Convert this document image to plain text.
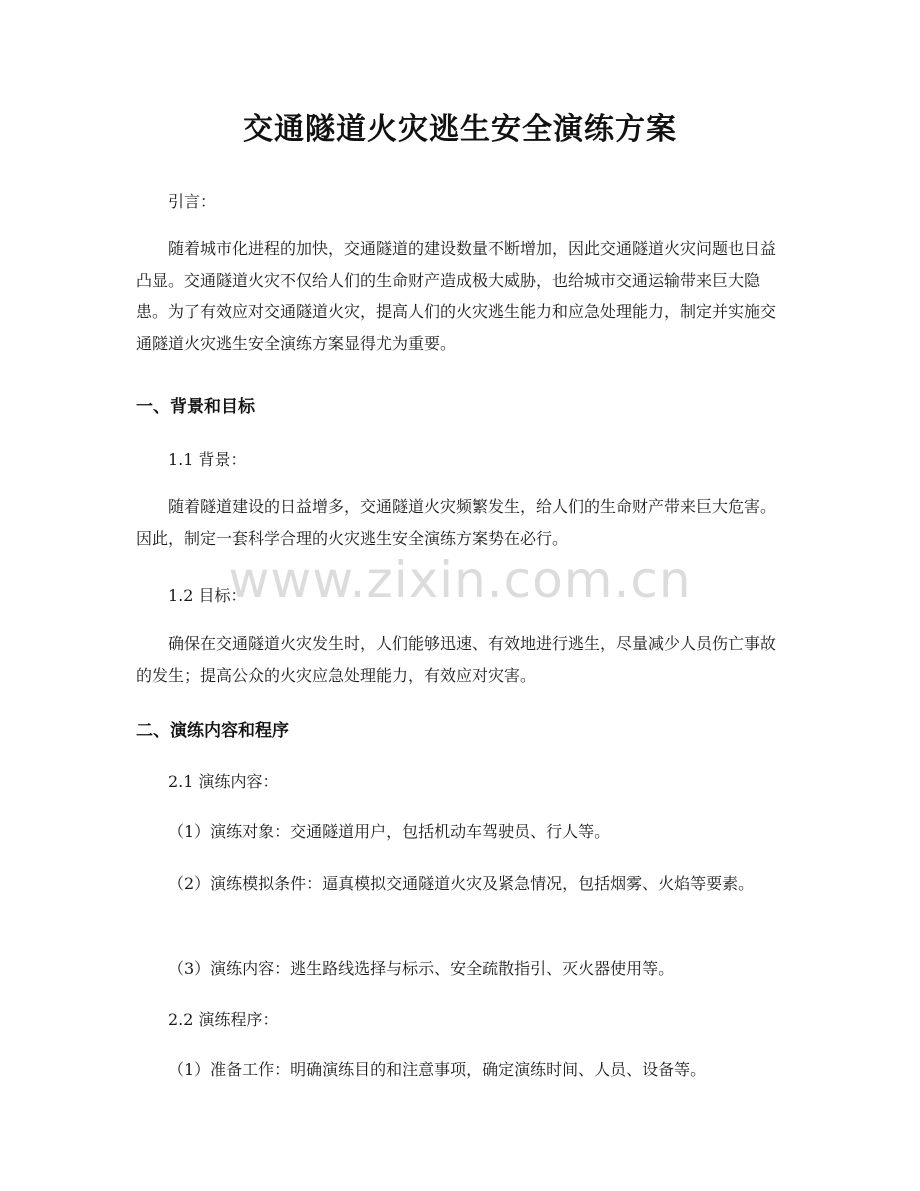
交通隧道火灾逃生安全演练方案

引言：

随着城市化进程的加快，交通隧道的建设数量不断增加，因此交通隧道火灾问题也日益凸显。交通隧道火灾不仅给人们的生命财产造成极大威胁，也给城市交通运输带来巨大隐患。为了有效应对交通隧道火灾，提高人们的火灾逃生能力和应急处理能力，制定并实施交通隧道火灾逃生安全演练方案显得尤为重要。

一、背景和目标

1.1 背景：

随着隧道建设的日益增多，交通隧道火灾频繁发生，给人们的生命财产带来巨大危害。因此，制定一套科学合理的火灾逃生安全演练方案势在必行。

1.2 目标：

确保在交通隧道火灾发生时，人们能够迅速、有效地进行逃生，尽量减少人员伤亡事故的发生；提高公众的火灾应急处理能力，有效应对灾害。

二、演练内容和程序

2.1 演练内容：

（1）演练对象：交通隧道用户，包括机动车驾驶员、行人等。

（2）演练模拟条件：逼真模拟交通隧道火灾及紧急情况，包括烟雾、火焰等要素。

（3）演练内容：逃生路线选择与标示、安全疏散指引、灭火器使用等。

2.2 演练程序：

（1）准备工作：明确演练目的和注意事项，确定演练时间、人员、设备等。

www.zixin.com.cn
